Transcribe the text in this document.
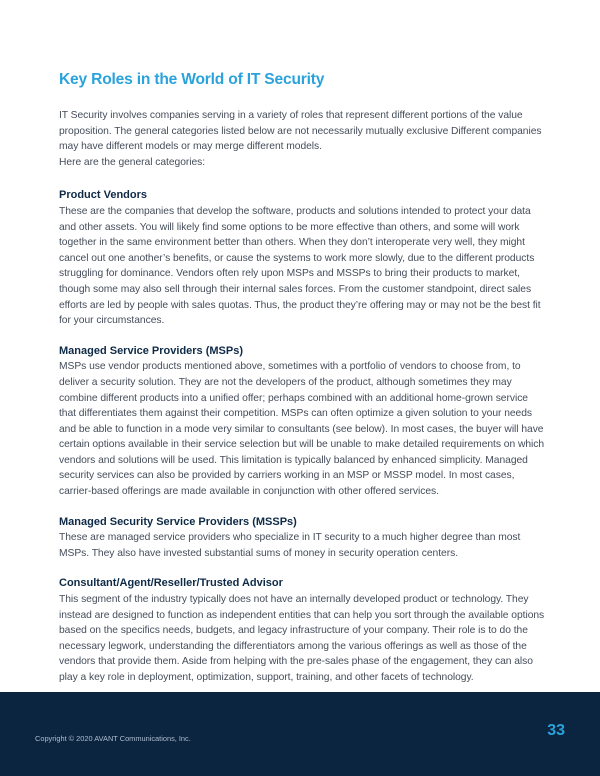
Key Roles in the World of IT Security

IT Security involves companies serving in a variety of roles that represent different portions of the value proposition. The general categories listed below are not necessarily mutually exclusive Different companies may have different models or may merge different models.

Here are the general categories:

Product Vendors

These are the companies that develop the software, products and solutions intended to protect your data and other assets. You will likely find some options to be more effective than others, and some will work together in the same environment better than others. When they don’t interoperate very well, they might cancel out one another’s benefits, or cause the systems to work more slowly, due to the different products struggling for dominance. Vendors often rely upon MSPs and MSSPs to bring their products to market, though some may also sell through their internal sales forces. From the customer standpoint, direct sales efforts are led by people with sales quotas. Thus, the product they’re offering may or may not be the best fit for your circumstances.

Managed Service Providers (MSPs)

MSPs use vendor products mentioned above, sometimes with a portfolio of vendors to choose from, to deliver a security solution. They are not the developers of the product, although sometimes they may combine different products into a unified offer; perhaps combined with an additional home-grown service that differentiates them against their competition. MSPs can often optimize a given solution to your needs and be able to function in a mode very similar to consultants (see below). In most cases, the buyer will have certain options available in their service selection but will be unable to make detailed requirements on which vendors and solutions will be used. This limitation is typically balanced by enhanced simplicity. Managed security services can also be provided by carriers working in an MSP or MSSP model. In most cases, carrier-based offerings are made available in conjunction with other offered services.

Managed Security Service Providers (MSSPs)

These are managed service providers who specialize in IT security to a much higher degree than most MSPs. They also have invested substantial sums of money in security operation centers.

Consultant/Agent/Reseller/Trusted Advisor

This segment of the industry typically does not have an internally developed product or technology. They instead are designed to function as independent entities that can help you sort through the available options based on the specifics needs, budgets, and legacy infrastructure of your company. Their role is to do the necessary legwork, understanding the differentiators among the various offerings as well as those of the vendors that provide them. Aside from helping with the pre-sales phase of the engagement, they can also play a key role in deployment, optimization, support, training, and other facets of technology.

Copyright © 2020 AVANT Communications, Inc.	33
